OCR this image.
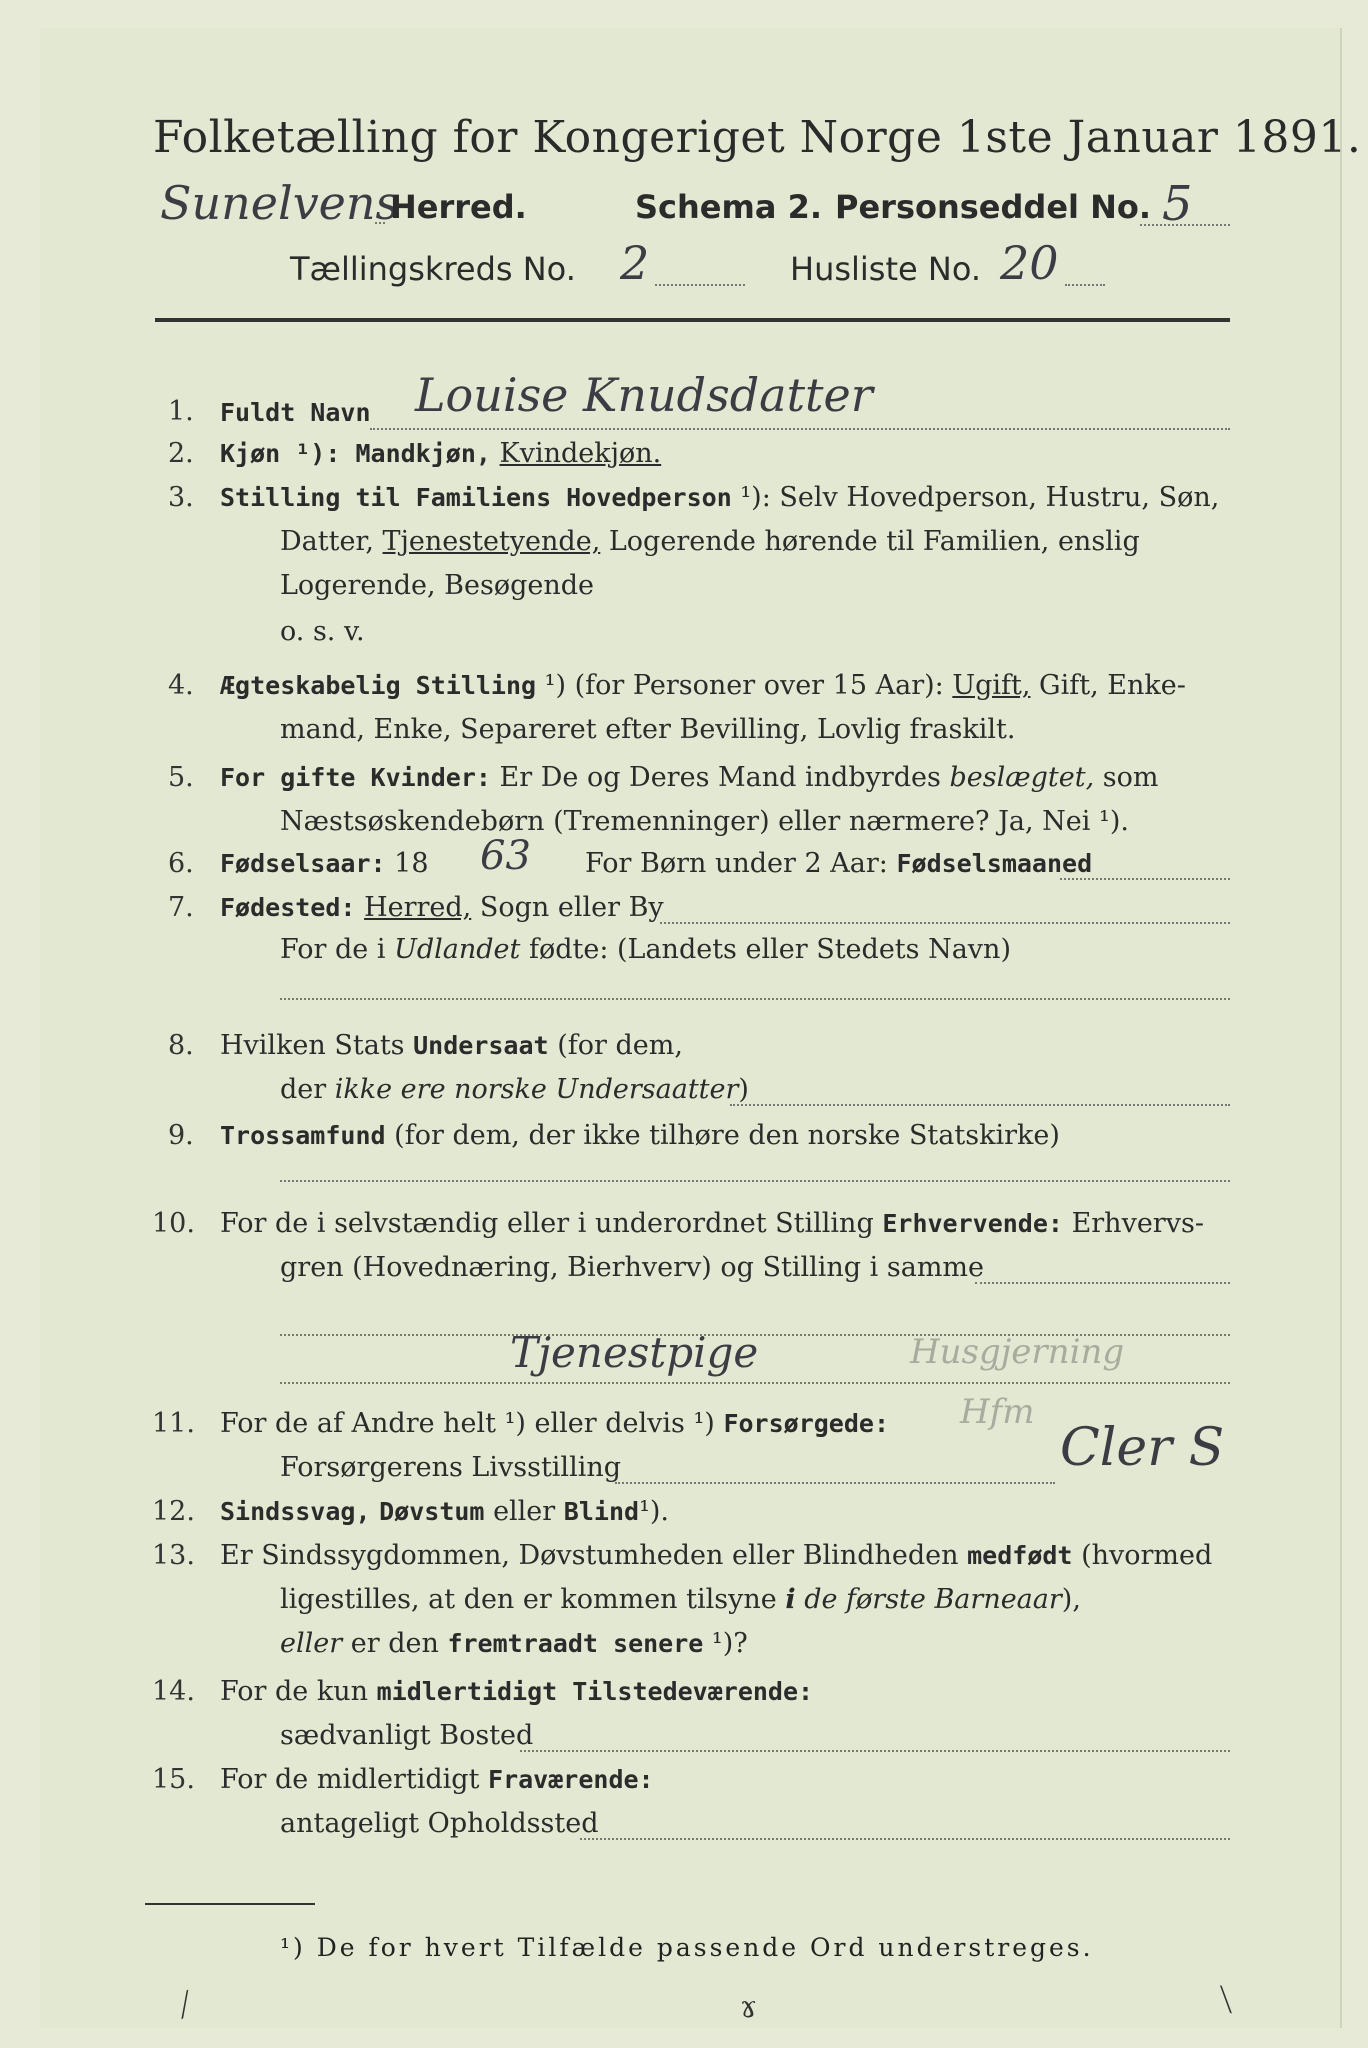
Folketælling for Kongeriget Norge 1ste Januar 1891.
Sunelvens
Herred.	Schema 2. Personseddel No. 5
Tællingskreds No. 2	Husliste No. 20
1. Fuldt Navn Louise Knudsdatter
2. Kjøn ¹): Mandkjøn, Kvindekjøn.
3. Stilling til Familiens Hovedperson ¹): Selv Hovedperson, Hustru, Søn,
Datter, Tjenestetyende, Logerende hørende til Familien, enslig
Logerende, Besøgende
o. s. v.
4. Ægteskabelig Stilling ¹) (for Personer over 15 Aar): Ugift, Gift, Enke-
mand, Enke, Separeret efter Bevilling, Lovlig fraskilt.
5. For gifte Kvinder: Er De og Deres Mand indbyrdes beslægtet, som
Næstsøskendebørn (Tremenninger) eller nærmere? Ja, Nei ¹).
6. Fødselsaar: 18 63 For Børn under 2 Aar: Fødselsmaaned
7. Fødested: Herred, Sogn eller By
For de i Udlandet fødte: (Landets eller Stedets Navn)
8. Hvilken Stats Undersaat (for dem,
der ikke ere norske Undersaatter)
9. Trossamfund (for dem, der ikke tilhøre den norske Statskirke)
10. For de i selvstændig eller i underordnet Stilling Erhvervende: Erhvervs-
gren (Hovednæring, Bierhverv) og Stilling i samme
Tjenestpige	Husgjerning
11. For de af Andre helt ¹) eller delvis ¹) Forsørgede: Hfm
Forsørgerens Livsstilling	Cler S
12. Sindssvag, Døvstum eller Blind¹).
13. Er Sindssygdommen, Døvstumheden eller Blindheden medfødt (hvormed
ligestilles, at den er kommen tilsyne i de første Barneaar),
eller er den fremtraadt senere ¹)?
14. For de kun midlertidigt Tilstedeværende:
sædvanligt Bosted
15. For de midlertidigt Fraværende:
antageligt Opholdssted
¹) De for hvert Tilfælde passende Ord understreges.
⟋	ɤ	⟍
